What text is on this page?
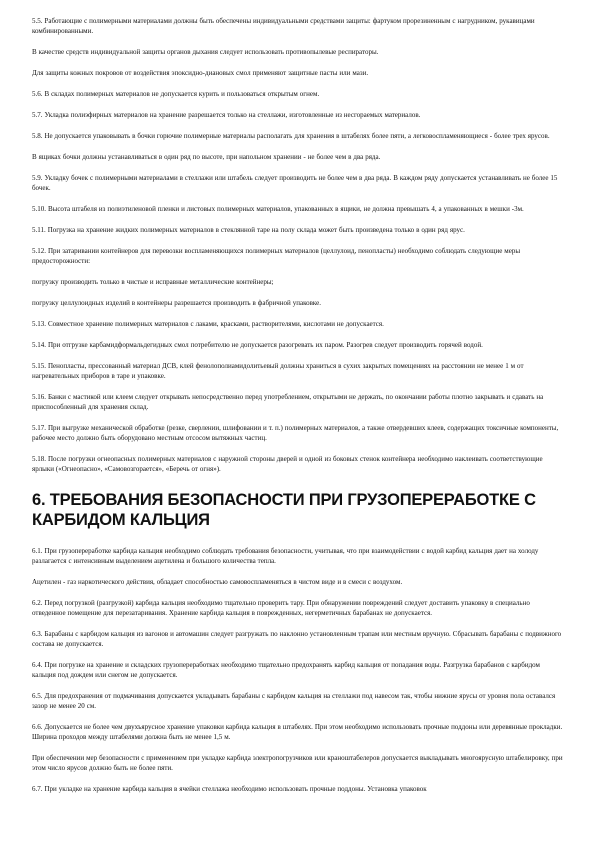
5.5. Работающие с полимерными материалами должны быть обеспечены индивидуальными средствами защиты: фартуком прорезиненным с нагрудником, рукавицами комбинированными.

В качестве средств индивидуальной защиты органов дыхания следует использовать противопылевые респираторы.

Для защиты кожных покровов от воздействия эпоксидно-диановых смол применяют защитные пасты или мази.

5.6. В складах полимерных материалов не допускается курить и пользоваться открытым огнем.

5.7. Укладка полиэфирных материалов на хранение разрешается только на стеллажи, изготовленные из несгораемых материалов.

5.8. Не допускается упаковывать в бочки горючие полимерные материалы располагать для хранения в штабелях более пяти, а легковоспламеняющиеся - более трех ярусов.

В ящиках бочки должны устанавливаться в один ряд по высоте, при напольном хранении - не более чем в два ряда.

5.9. Укладку бочек с полимерными материалами в стеллажи или штабель следует производить не более чем в два ряда. В каждом ряду допускается устанавливать не более 15 бочек.

5.10. Высота штабеля из полиэтиленовой пленки и листовых полимерных материалов, упакованных в ящики, не должна превышать 4, а упакованных в мешки -3м.

5.11. Погрузка на хранение жидких полимерных материалов в стеклянной таре на полу склада может быть произведена только в один ряд ярус.

5.12. При затаривании контейнеров для перевозки воспламеняющихся полимерных материалов (целлулоид, пенопласты) необходимо соблюдать следующие меры предосторожности:

погрузку производить только в чистые и исправные металлические контейнеры;

погрузку целлулоидных изделий в контейнеры разрешается производить в фабричной упаковке.

5.13. Совместное хранение полимерных материалов с лаками, красками, растворителями, кислотами не допускается.

5.14. При отгрузке карбамидформальдегидных смол потребителю не допускается разогревать их паром. Разогрев следует производить горячей водой.

5.15. Пенопласты, прессованный материал ДСВ, клей фенолополиамидолитьевый должны храниться в сухих закрытых помещениях на расстоянии не менее 1 м от нагревательных приборов в таре и упаковке.

5.16. Банки с мастикой или клеем следует открывать непосредственно перед употреблением, открытыми не держать, по окончании работы плотно закрывать и сдавать на приспособленный для хранения склад.

5.17. При выгрузке механической обработке (резке, сверлении, шлифовании и т. п.) полимерных материалов, а также отвердевших клеев, содержащих токсичные компоненты, рабочее место должно быть оборудовано местным отсосом вытяжных частиц.

5.18. После погрузки огнеопасных полимерных материалов с наружной стороны дверей и одной из боковых стенок контейнера необходимо наклеивать соответствующие ярлыки («Огнеопасно», «Самовозгорается», «Беречь от огня»).

6. ТРЕБОВАНИЯ БЕЗОПАСНОСТИ ПРИ ГРУЗОПЕРЕРАБОТКЕ С КАРБИДОМ КАЛЬЦИЯ

6.1. При грузопереработке карбида кальция необходимо соблюдать требования безопасности, учитывая, что при взаимодействии с водой карбид кальция дает на холоду разлагается с интенсивным выделением ацетилена и большого количества тепла.

Ацетилен - газ наркотического действия, обладает способностью самовоспламеняться в чистом виде и в смеси с воздухом.

6.2. Перед погрузкой (разгрузкой) карбида кальция необходимо тщательно проверить тару. При обнаружении повреждений следует доставить упаковку в специально отведенное помещение для перезатаривания. Хранение карбида кальция в поврежденных, негерметичных барабанах не допускается.

6.3. Барабаны с карбидом кальция из вагонов и автомашин следует разгружать по наклонно установленным трапам или местным вручную. Сбрасывать барабаны с подвижного состава не допускается.

6.4. При погрузке на хранение и складских грузопереработках необходимо тщательно предохранять карбид кальция от попадания воды. Разгрузка барабанов с карбидом кальция под дождем или снегом не допускается.

6.5. Для предохранения от подмачивания допускается укладывать барабаны с карбидом кальция на стеллажи под навесом так, чтобы нижние ярусы от уровня пола оставался зазор не менее 20 см.

6.6. Допускается не более чем двухъярусное хранение упаковки карбида кальция в штабелях. При этом необходимо использовать прочные поддоны или деревянные прокладки. Ширина проходов между штабелями должна быть не менее 1,5 м.

При обеспечении мер безопасности с применением при укладке карбида электропогрузчиков или краноштабелеров допускается выкладывать многоярусную штабелировку, при этом число ярусов должно быть не более пяти.

6.7. При укладке на хранение карбида кальция в ячейки стеллажа необходимо использовать прочные поддоны. Установка упаковок
